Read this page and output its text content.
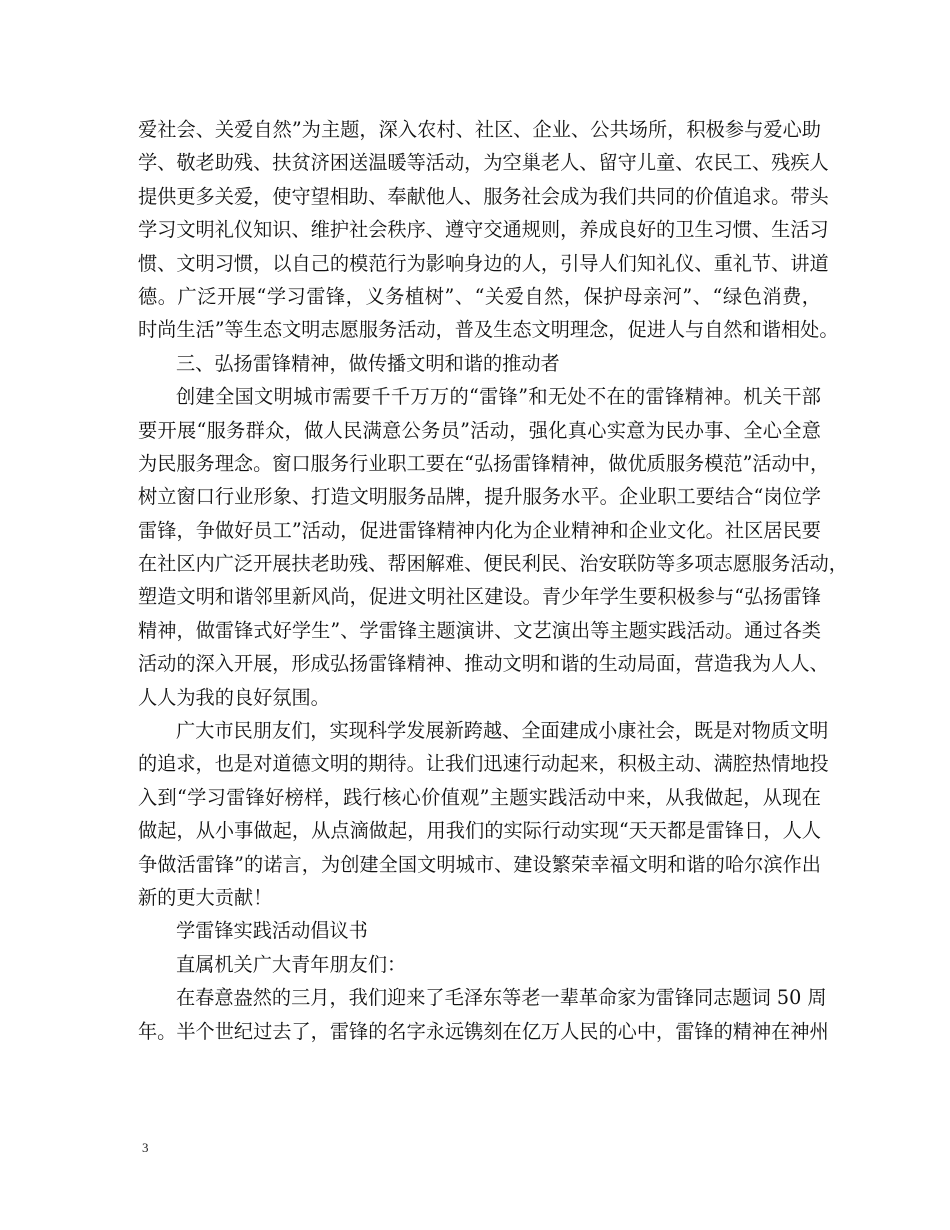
爱社会、关爱自然”为主题，深入农村、社区、企业、公共场所，积极参与爱心助
学、敬老助残、扶贫济困送温暖等活动，为空巢老人、留守儿童、农民工、残疾人
提供更多关爱，使守望相助、奉献他人、服务社会成为我们共同的价值追求。带头
学习文明礼仪知识、维护社会秩序、遵守交通规则，养成良好的卫生习惯、生活习
惯、文明习惯，以自己的模范行为影响身边的人，引导人们知礼仪、重礼节、讲道
德。广泛开展“学习雷锋，义务植树”、“关爱自然，保护母亲河”、“绿色消费，
时尚生活”等生态文明志愿服务活动，普及生态文明理念，促进人与自然和谐相处。
三、弘扬雷锋精神，做传播文明和谐的推动者
创建全国文明城市需要千千万万的“雷锋”和无处不在的雷锋精神。机关干部
要开展“服务群众，做人民满意公务员”活动，强化真心实意为民办事、全心全意
为民服务理念。窗口服务行业职工要在“弘扬雷锋精神，做优质服务模范”活动中，
树立窗口行业形象、打造文明服务品牌，提升服务水平。企业职工要结合“岗位学
雷锋，争做好员工”活动，促进雷锋精神内化为企业精神和企业文化。社区居民要
在社区内广泛开展扶老助残、帮困解难、便民利民、治安联防等多项志愿服务活动，
塑造文明和谐邻里新风尚，促进文明社区建设。青少年学生要积极参与“弘扬雷锋
精神，做雷锋式好学生”、学雷锋主题演讲、文艺演出等主题实践活动。通过各类
活动的深入开展，形成弘扬雷锋精神、推动文明和谐的生动局面，营造我为人人、
人人为我的良好氛围。
广大市民朋友们，实现科学发展新跨越、全面建成小康社会，既是对物质文明
的追求，也是对道德文明的期待。让我们迅速行动起来，积极主动、满腔热情地投
入到“学习雷锋好榜样，践行核心价值观”主题实践活动中来，从我做起，从现在
做起，从小事做起，从点滴做起，用我们的实际行动实现“天天都是雷锋日，人人
争做活雷锋”的诺言，为创建全国文明城市、建设繁荣幸福文明和谐的哈尔滨作出
新的更大贡献！
学雷锋实践活动倡议书
直属机关广大青年朋友们：
在春意盎然的三月，我们迎来了毛泽东等老一辈革命家为雷锋同志题词 50 周
年。半个世纪过去了，雷锋的名字永远镌刻在亿万人民的心中，雷锋的精神在神州
3
